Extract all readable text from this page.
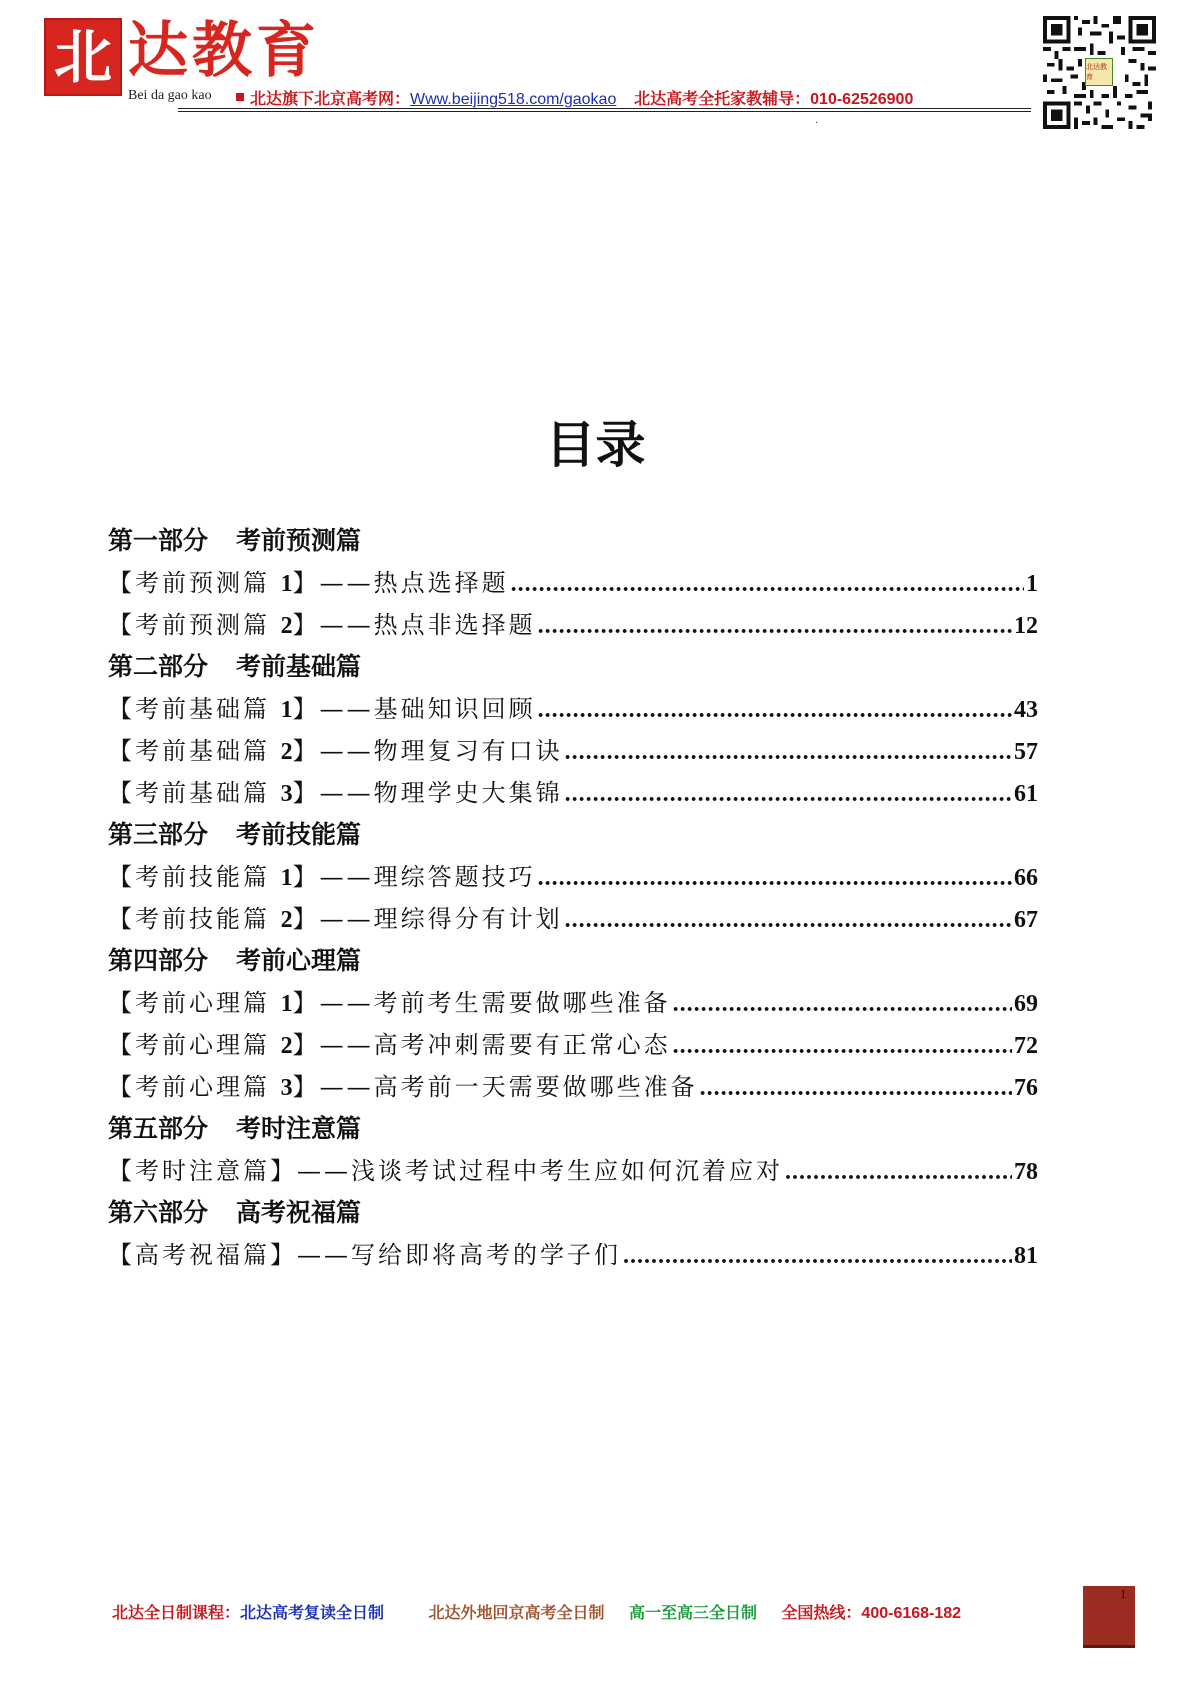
北 达教育
Bei da gao kao 北达旗下北京高考网：Www.beijing518.com/gaokao 北达高考全托家教辅导：010-62526900
·
北达教育
目录
第一部分 考前预测篇
【考前预测篇 1】——热点选择题 .....	1
【考前预测篇 2】——热点非选择题 .....	12
第二部分 考前基础篇
【考前基础篇 1】——基础知识回顾 .....	43
【考前基础篇 2】——物理复习有口诀 .....	57
【考前基础篇 3】——物理学史大集锦 .....	61
第三部分 考前技能篇
【考前技能篇 1】——理综答题技巧 .....	66
【考前技能篇 2】——理综得分有计划 .....	67
第四部分 考前心理篇
【考前心理篇 1】——考前考生需要做哪些准备 .....	69
【考前心理篇 2】——高考冲刺需要有正常心态 .....	72
【考前心理篇 3】——高考前一天需要做哪些准备 .....	76
第五部分 考时注意篇
【考时注意篇】——浅谈考试过程中考生应如何沉着应对 .....	78
第六部分 高考祝福篇
【高考祝福篇】——写给即将高考的学子们 .....	81
北达全日制课程：北达高考复读全日制	北达外地回京高考全日制 高一至高三全日制 全国热线：400-6168-182
1
